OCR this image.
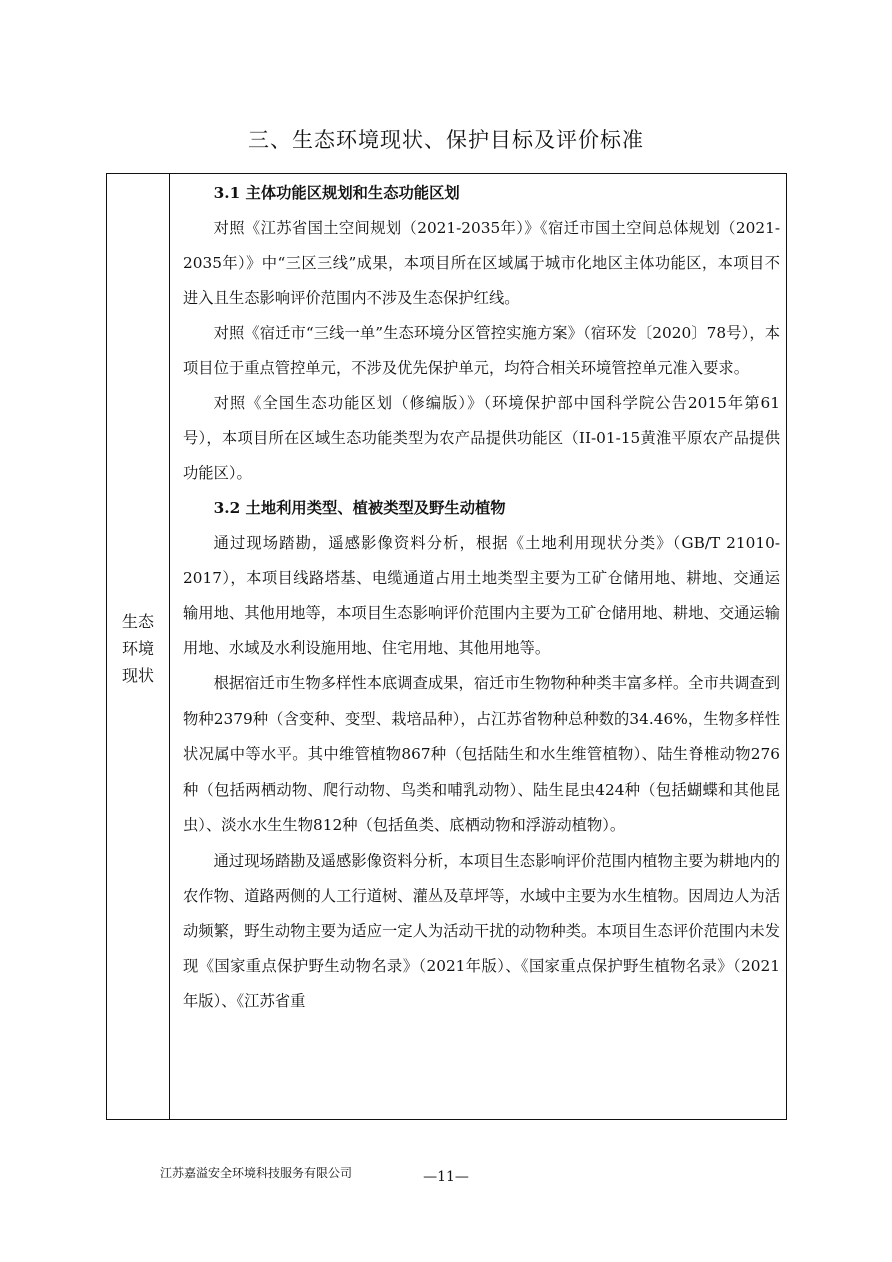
三、生态环境现状、保护目标及评价标准
生态
环境
现状
3.1 主体功能区规划和生态功能区划

对照《江苏省国土空间规划（2021-2035年）》《宿迁市国土空间总体规划（2021-2035年）》中“三区三线”成果，本项目所在区域属于城市化地区主体功能区，本项目不进入且生态影响评价范围内不涉及生态保护红线。

对照《宿迁市“三线一单”生态环境分区管控实施方案》（宿环发〔2020〕78号），本项目位于重点管控单元，不涉及优先保护单元，均符合相关环境管控单元准入要求。

对照《全国生态功能区划（修编版）》（环境保护部中国科学院公告2015年第61号），本项目所在区域生态功能类型为农产品提供功能区（II-01-15黄淮平原农产品提供功能区）。

3.2 土地利用类型、植被类型及野生动植物

通过现场踏勘，遥感影像资料分析，根据《土地利用现状分类》（GB/T 21010-2017），本项目线路塔基、电缆通道占用土地类型主要为工矿仓储用地、耕地、交通运输用地、其他用地等，本项目生态影响评价范围内主要为工矿仓储用地、耕地、交通运输用地、水域及水利设施用地、住宅用地、其他用地等。

根据宿迁市生物多样性本底调查成果，宿迁市生物物种种类丰富多样。全市共调查到物种2379种（含变种、变型、栽培品种），占江苏省物种总种数的34.46%，生物多样性状况属中等水平。其中维管植物867种（包括陆生和水生维管植物）、陆生脊椎动物276种（包括两栖动物、爬行动物、鸟类和哺乳动物）、陆生昆虫424种（包括蝴蝶和其他昆虫）、淡水水生生物812种（包括鱼类、底栖动物和浮游动植物）。

通过现场踏勘及遥感影像资料分析，本项目生态影响评价范围内植物主要为耕地内的农作物、道路两侧的人工行道树、灌丛及草坪等，水域中主要为水生植物。因周边人为活动频繁，野生动物主要为适应一定人为活动干扰的动物种类。本项目生态评价范围内未发现《国家重点保护野生动物名录》（2021年版）、《国家重点保护野生植物名录》（2021年版）、《江苏省重

江苏嘉溢安全环境科技服务有限公司	—11—
